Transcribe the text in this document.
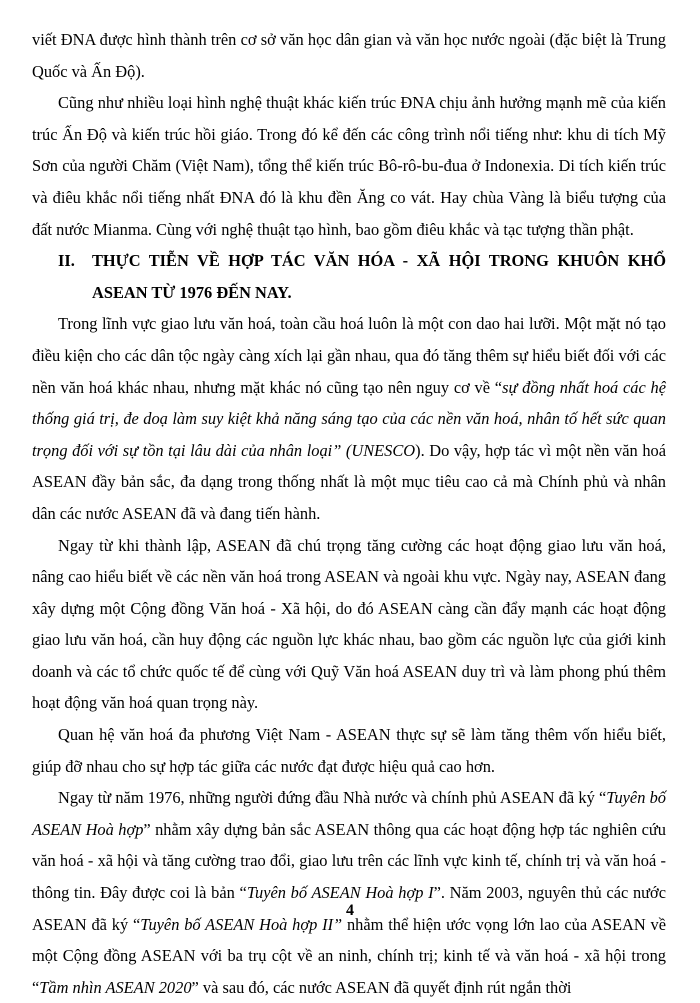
viết ĐNA được hình thành trên cơ sở văn học dân gian và văn học nước ngoài (đặc biệt là Trung Quốc và Ấn Độ).

Cũng như nhiều loại hình nghệ thuật khác kiến trúc ĐNA chịu ảnh hưởng mạnh mẽ của kiến trúc Ấn Độ và kiến trúc hồi giáo. Trong đó kể đến các công trình nổi tiếng như: khu di tích Mỹ Sơn của người Chăm (Việt Nam), tổng thể kiến trúc Bô-rô-bu-đua ở Indonexia. Di tích kiến trúc và điêu khắc nổi tiếng nhất ĐNA đó là khu đền Ăng co vát. Hay chùa Vàng là biểu tượng của đất nước Mianma. Cùng với nghệ thuật tạo hình, bao gồm điêu khắc và tạc tượng thần phật.

II. THỰC TIỄN VỀ HỢP TÁC VĂN HÓA - XÃ HỘI TRONG KHUÔN KHỔ ASEAN TỪ 1976 ĐẾN NAY.

Trong lĩnh vực giao lưu văn hoá, toàn cầu hoá luôn là một con dao hai lưỡi. Một mặt nó tạo điều kiện cho các dân tộc ngày càng xích lại gần nhau, qua đó tăng thêm sự hiểu biết đối với các nền văn hoá khác nhau, nhưng mặt khác nó cũng tạo nên nguy cơ về “sự đồng nhất hoá các hệ thống giá trị, đe doạ làm suy kiệt khả năng sáng tạo của các nền văn hoá, nhân tố hết sức quan trọng đối với sự tồn tại lâu dài của nhân loại” (UNESCO). Do vậy, hợp tác vì một nền văn hoá ASEAN đầy bản sắc, đa dạng trong thống nhất là một mục tiêu cao cả mà Chính phủ và nhân dân các nước ASEAN đã và đang tiến hành.

Ngay từ khi thành lập, ASEAN đã chú trọng tăng cường các hoạt động giao lưu văn hoá, nâng cao hiểu biết về các nền văn hoá trong ASEAN và ngoài khu vực. Ngày nay, ASEAN đang xây dựng một Cộng đồng Văn hoá - Xã hội, do đó ASEAN càng cần đẩy mạnh các hoạt động giao lưu văn hoá, cần huy động các nguồn lực khác nhau, bao gồm các nguồn lực của giới kinh doanh và các tổ chức quốc tế để cùng với Quỹ Văn hoá ASEAN duy trì và làm phong phú thêm hoạt động văn hoá quan trọng này.

Quan hệ văn hoá đa phương Việt Nam - ASEAN thực sự sẽ làm tăng thêm vốn hiểu biết, giúp đỡ nhau cho sự hợp tác giữa các nước đạt được hiệu quả cao hơn.

Ngay từ năm 1976, những người đứng đầu Nhà nước và chính phủ ASEAN đã ký “Tuyên bố ASEAN Hoà hợp” nhằm xây dựng bản sắc ASEAN thông qua các hoạt động hợp tác nghiên cứu văn hoá - xã hội và tăng cường trao đổi, giao lưu trên các lĩnh vực kinh tế, chính trị và văn hoá - thông tin. Đây được coi là bản “Tuyên bố ASEAN Hoà hợp I”. Năm 2003, nguyên thủ các nước ASEAN đã ký “Tuyên bố ASEAN Hoà hợp II” nhằm thể hiện ước vọng lớn lao của ASEAN về một Cộng đồng ASEAN với ba trụ cột về an ninh, chính trị; kinh tế và văn hoá - xã hội trong “Tầm nhìn ASEAN 2020” và sau đó, các nước ASEAN đã quyết định rút ngắn thời

4
